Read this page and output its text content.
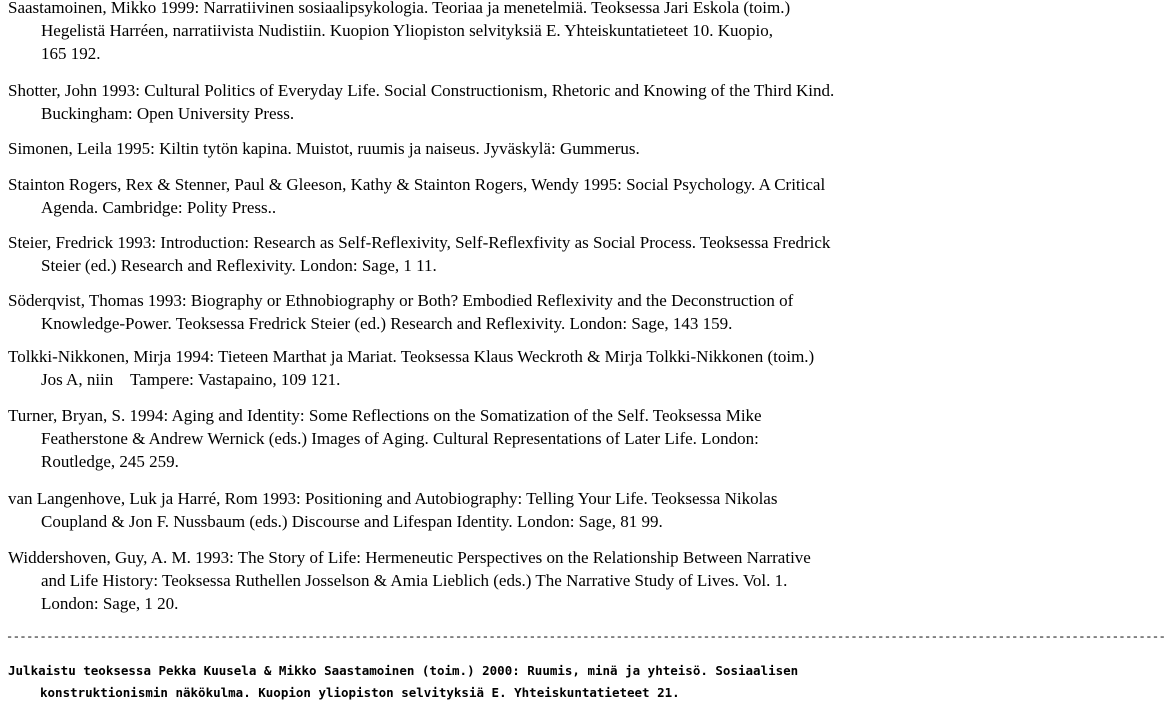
Saastamoinen, Mikko 1999: Narratiivinen sosiaalipsykologia. Teoriaa ja menetelmiä. Teoksessa Jari Eskola (toim.)
Hegelistä Harréen, narratiivista Nudistiin. Kuopion Yliopiston selvityksiä E. Yhteiskuntatieteet 10. Kuopio,
165 192.
Shotter, John 1993: Cultural Politics of Everyday Life. Social Constructionism, Rhetoric and Knowing of the Third Kind.
Buckingham: Open University Press.
Simonen, Leila 1995: Kiltin tytön kapina. Muistot, ruumis ja naiseus. Jyväskylä: Gummerus.
Stainton Rogers, Rex & Stenner, Paul & Gleeson, Kathy & Stainton Rogers, Wendy 1995: Social Psychology. A Critical
Agenda. Cambridge: Polity Press..
Steier, Fredrick 1993: Introduction: Research as Self-Reflexivity, Self-Reflexfivity as Social Process. Teoksessa Fredrick
Steier (ed.) Research and Reflexivity. London: Sage, 1 11.
Söderqvist, Thomas 1993: Biography or Ethnobiography or Both? Embodied Reflexivity and the Deconstruction of
Knowledge-Power. Teoksessa Fredrick Steier (ed.) Research and Reflexivity. London: Sage, 143 159.
Tolkki-Nikkonen, Mirja 1994: Tieteen Marthat ja Mariat. Teoksessa Klaus Weckroth & Mirja Tolkki-Nikkonen (toim.)
Jos A, niin    Tampere: Vastapaino, 109 121.
Turner, Bryan, S. 1994: Aging and Identity: Some Reflections on the Somatization of the Self. Teoksessa Mike
Featherstone & Andrew Wernick (eds.) Images of Aging. Cultural Representations of Later Life. London:
Routledge, 245 259.
van Langenhove, Luk ja Harré, Rom 1993: Positioning and Autobiography: Telling Your Life. Teoksessa Nikolas
Coupland & Jon F. Nussbaum (eds.) Discourse and Lifespan Identity. London: Sage, 81 99.
Widdershoven, Guy, A. M. 1993: The Story of Life: Hermeneutic Perspectives on the Relationship Between Narrative
and Life History: Teoksessa Ruthellen Josselson & Amia Lieblich (eds.) The Narrative Study of Lives. Vol. 1.
London: Sage, 1 20.
-----------------------------------------------------------------------------------------------------------------------------------------------------------------------------
Julkaistu teoksessa Pekka Kuusela & Mikko Saastamoinen (toim.) 2000: Ruumis, minä ja yhteisö. Sosiaalisen
konstruktionismin näkökulma. Kuopion yliopiston selvityksiä E. Yhteiskuntatieteet 21.
